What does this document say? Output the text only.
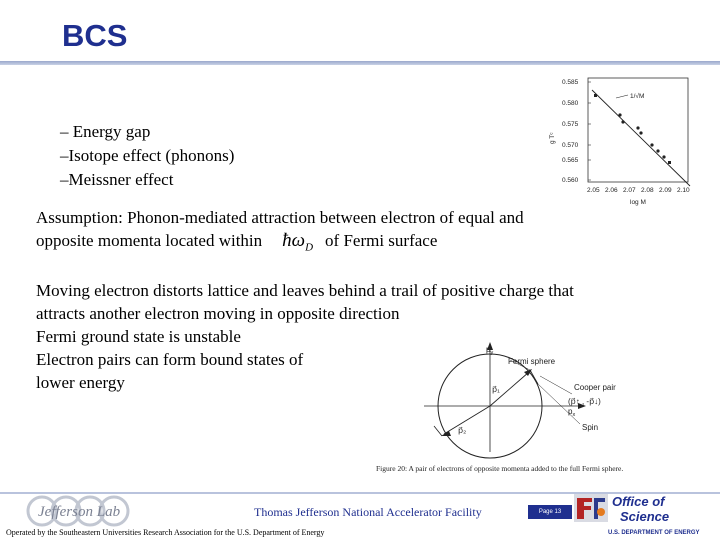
BCS
– Energy gap
–Isotope effect (phonons)
–Meissner effect
0.585
0.580
0.575
0.570
0.565
0.560
2.05 2.06 2.07 2.08 2.09 2.10
log M
1/√M
g Tᶜ
Assumption: Phonon-mediated attraction between electron of equal and
opposite momenta located within $ħ\omega_D$ of Fermi surface
Moving electron distorts lattice and leaves behind a trail of positive charge that
attracts another electron moving in opposite direction
Fermi ground state is unstable
Electron pairs can form bound states of
lower energy
$p_y$
$p_x$
Fermi sphere
Cooper pair
(p⃗↑ , -p⃗↓)
p⃗₁
p⃗₂	Spin
Figure 20: A pair of electrons of opposite momenta added to the full Fermi sphere.
Jefferson Lab	Thomas Jefferson National Accelerator Facility	Page 13
Operated by the Southeastern Universities Research Association for the U.S. Department of Energy
Office of
Science
U.S. DEPARTMENT OF ENERGY
